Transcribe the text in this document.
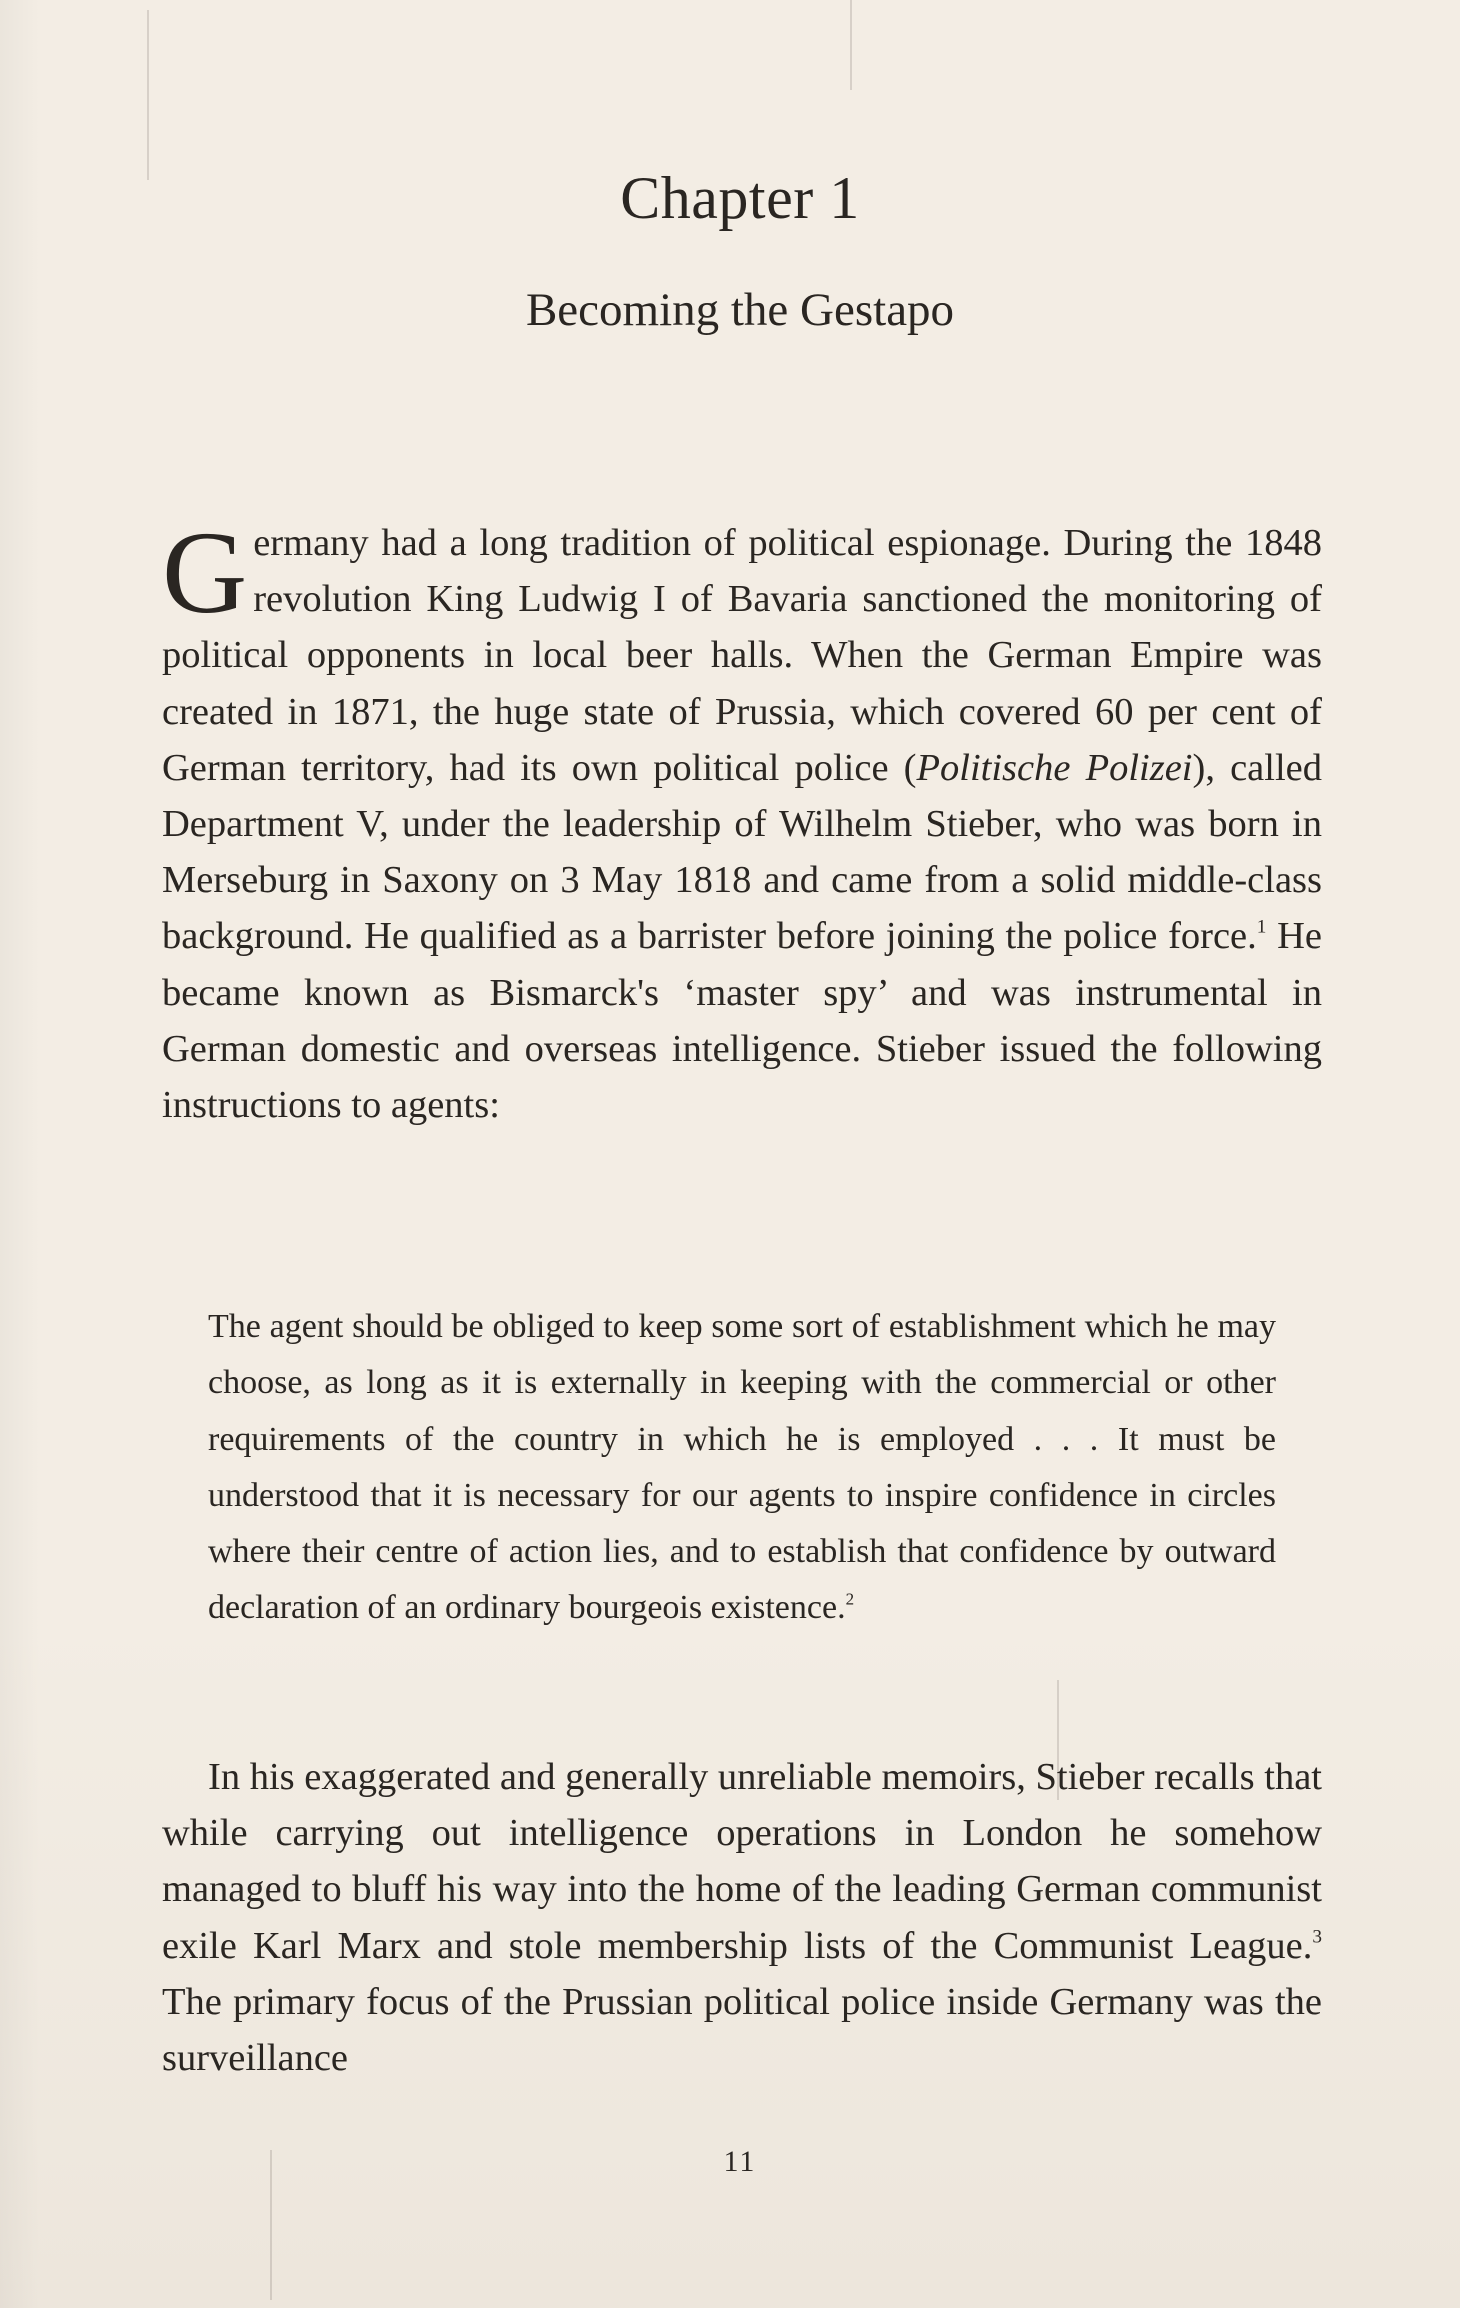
Chapter 1
Becoming the Gestapo
Germany had a long tradition of political espionage. During the 1848 revolution King Ludwig I of Bavaria sanctioned the monitoring of political opponents in local beer halls. When the German Empire was created in 1871, the huge state of Prussia, which covered 60 per cent of German territory, had its own political police (Politische Polizei), called Department V, under the leadership of Wilhelm Stieber, who was born in Merseburg in Saxony on 3 May 1818 and came from a solid middle-class background. He qualified as a barrister before joining the police force.$^1$ He became known as Bismarck's ‘master spy’ and was instrumental in German domestic and overseas intelligence. Stieber issued the following instructions to agents:
The agent should be obliged to keep some sort of establishment which he may choose, as long as it is externally in keeping with the commercial or other requirements of the country in which he is employed . . . It must be understood that it is necessary for our agents to inspire confidence in circles where their centre of action lies, and to establish that confidence by outward declaration of an ordinary bourgeois existence.$^2$
In his exaggerated and generally unreliable memoirs, Stieber recalls that while carrying out intelligence operations in London he somehow managed to bluff his way into the home of the leading German communist exile Karl Marx and stole membership lists of the Communist League.$^3$ The primary focus of the Prussian political police inside Germany was the surveillance
11
